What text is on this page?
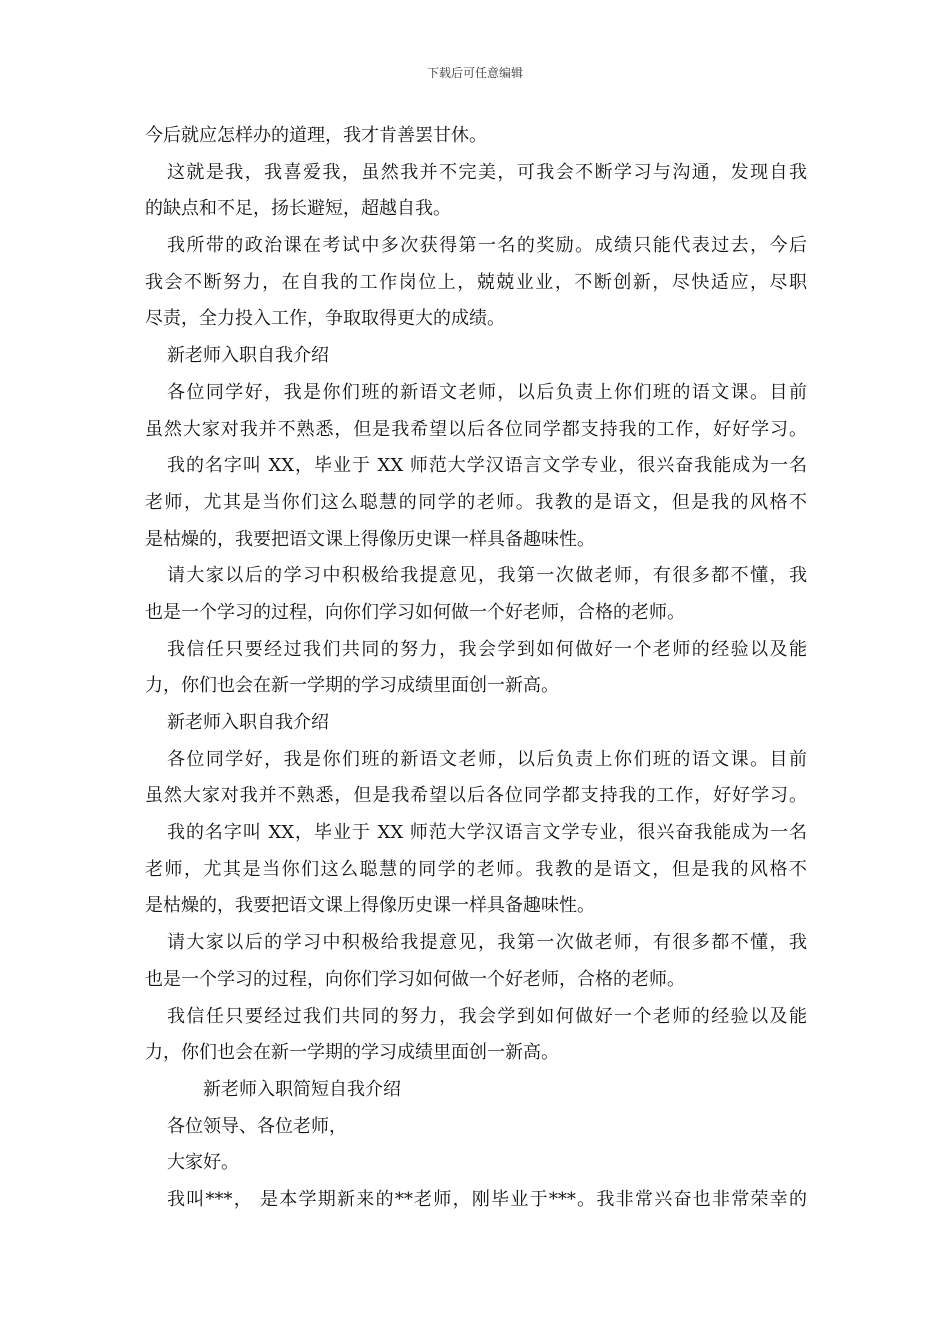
下载后可任意编辑
今后就应怎样办的道理，我才肯善罢甘休。
这就是我，我喜爱我，虽然我并不完美，可我会不断学习与沟通，发现自我
的缺点和不足，扬长避短，超越自我。
我所带的政治课在考试中多次获得第一名的奖励。成绩只能代表过去，今后
我会不断努力，在自我的工作岗位上，兢兢业业，不断创新，尽快适应，尽职
尽责，全力投入工作，争取取得更大的成绩。
新老师入职自我介绍
各位同学好，我是你们班的新语文老师，以后负责上你们班的语文课。目前
虽然大家对我并不熟悉，但是我希望以后各位同学都支持我的工作，好好学习。
我的名字叫 XX，毕业于 XX 师范大学汉语言文学专业，很兴奋我能成为一名
老师，尤其是当你们这么聪慧的同学的老师。我教的是语文，但是我的风格不
是枯燥的，我要把语文课上得像历史课一样具备趣味性。
请大家以后的学习中积极给我提意见，我第一次做老师，有很多都不懂，我
也是一个学习的过程，向你们学习如何做一个好老师，合格的老师。
我信任只要经过我们共同的努力，我会学到如何做好一个老师的经验以及能
力，你们也会在新一学期的学习成绩里面创一新高。
新老师入职自我介绍
各位同学好，我是你们班的新语文老师，以后负责上你们班的语文课。目前
虽然大家对我并不熟悉，但是我希望以后各位同学都支持我的工作，好好学习。
我的名字叫 XX，毕业于 XX 师范大学汉语言文学专业，很兴奋我能成为一名
老师，尤其是当你们这么聪慧的同学的老师。我教的是语文，但是我的风格不
是枯燥的，我要把语文课上得像历史课一样具备趣味性。
请大家以后的学习中积极给我提意见，我第一次做老师，有很多都不懂，我
也是一个学习的过程，向你们学习如何做一个好老师，合格的老师。
我信任只要经过我们共同的努力，我会学到如何做好一个老师的经验以及能
力，你们也会在新一学期的学习成绩里面创一新高。
新老师入职简短自我介绍
各位领导、各位老师，
大家好。
我叫***， 是本学期新来的**老师，刚毕业于***。我非常兴奋也非常荣幸的
